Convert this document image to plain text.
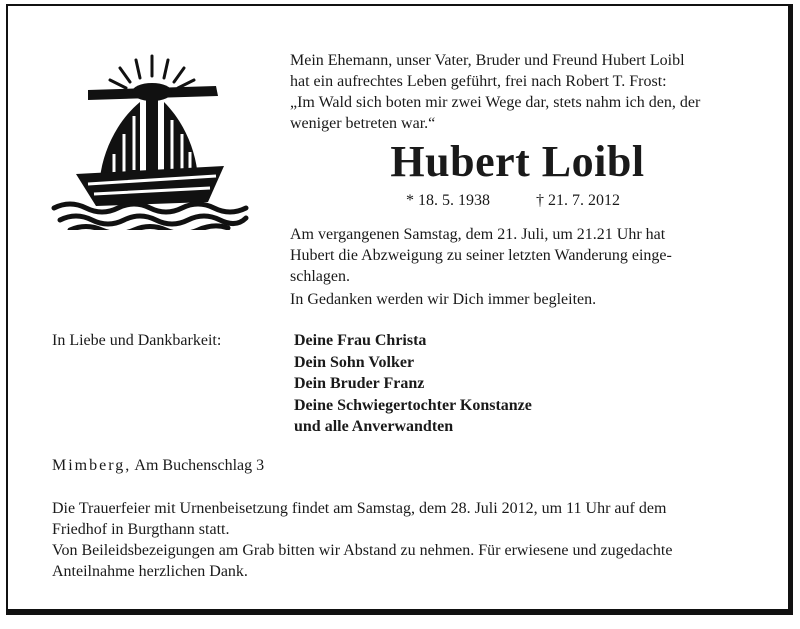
Mein Ehemann, unser Vater, Bruder und Freund Hubert Loibl

hat ein aufrechtes Leben geführt, frei nach Robert T. Frost:

„Im Wald sich boten mir zwei Wege dar, stets nahm ich den, der

weniger betreten war.“

Hubert Loibl
* 18. 5. 1938	† 21. 7. 2012
Am vergangenen Samstag, dem 21. Juli, um 21.21 Uhr hat
Hubert die Abzweigung zu seiner letzten Wanderung einge-
schlagen.
In Gedanken werden wir Dich immer begleiten.
In Liebe und Dankbarkeit:	Deine Frau Christa
Dein Sohn Volker
Dein Bruder Franz
Deine Schwiegertochter Konstanze
und alle Anverwandten
Mimberg, Am Buchenschlag 3

Die Trauerfeier mit Urnenbeisetzung findet am Samstag, dem 28. Juli 2012, um 11 Uhr auf dem

Friedhof in Burgthann statt.

Von Beileidsbezeigungen am Grab bitten wir Abstand zu nehmen. Für erwiesene und zugedachte

Anteilnahme herzlichen Dank.
